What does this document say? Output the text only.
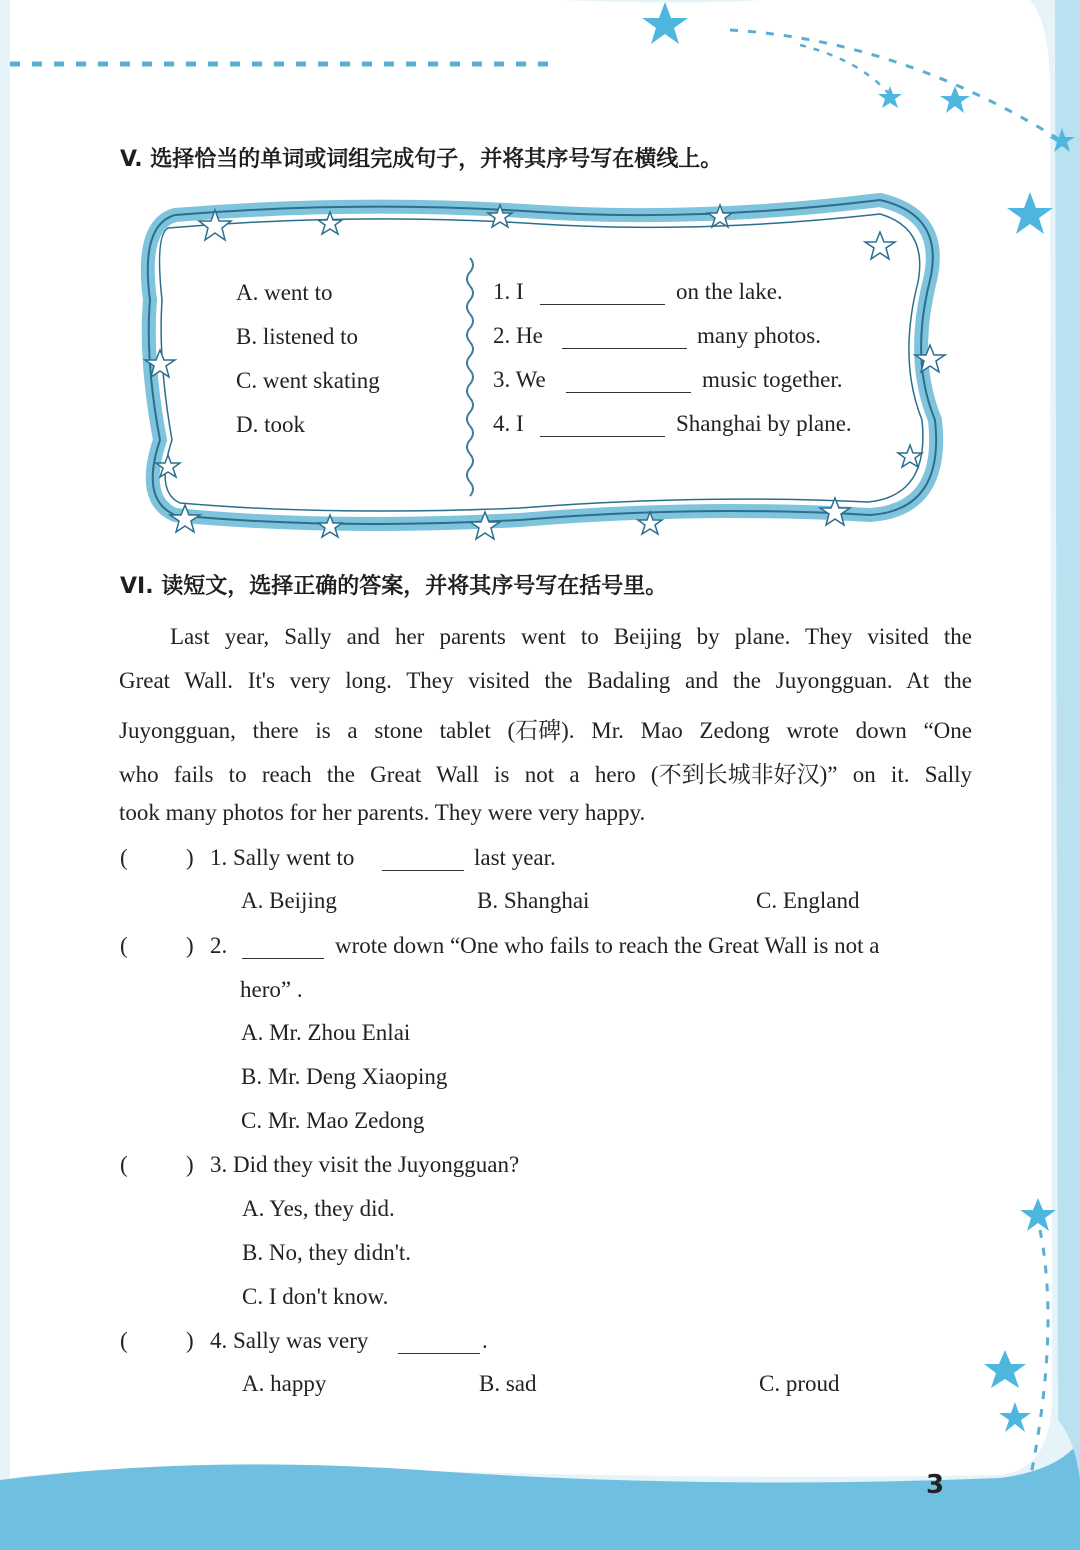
V. 选择恰当的单词或词组完成句子，并将其序号写在横线上。
A. went to
B. listened to
C. went skating
D. took
1. I	on the lake.
2. He	many photos.
3. We	music together.
4. I	Shanghai by plane.
VI. 读短文，选择正确的答案，并将其序号写在括号里。
Last year, Sally and her parents went to Beijing by plane. They visited the
Great Wall. It's very long. They visited the Badaling and the Juyongguan. At the
Juyongguan, there is a stone tablet (石碑). Mr. Mao Zedong wrote down “One
who fails to reach the Great Wall is not a hero (不到长城非好汉)” on it. Sally
took many photos for her parents. They were very happy.
(	) 1. Sally went to	last year.
A. Beijing	B. Shanghai	C. England
(	) 2.	wrote down “One who fails to reach the Great Wall is not a
hero” .
A. Mr. Zhou Enlai
B. Mr. Deng Xiaoping
C. Mr. Mao Zedong
(	) 3. Did they visit the Juyongguan?
A. Yes, they did.
B. No, they didn't.
C. I don't know.
(	) 4. Sally was very	.
A. happy	B. sad	C. proud
3
